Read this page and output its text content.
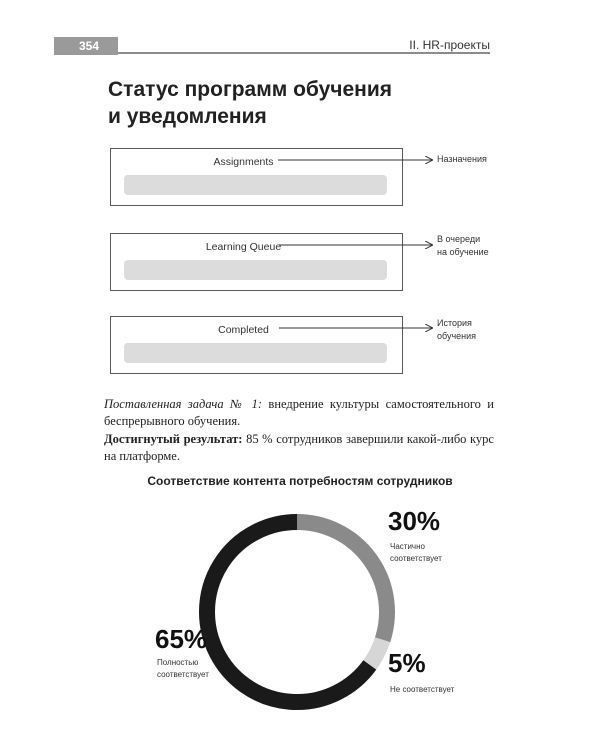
354	II. HR-проекты
Статус программ обучения
и уведомления
Assignments
Learning Queue
Completed
Назначения
В очереди
на обучение
История
обучения

Поставленная задача № 1: внедрение культуры самостоятельного и беспрерывного обучения.

Достигнутый результат: 85 % сотрудников завершили какой-либо курс на платформе.

Соответствие контента потребностям сотрудников
65%
Полностью
соответствует
30%
Частично
соответствует
5%
Не соответствует
